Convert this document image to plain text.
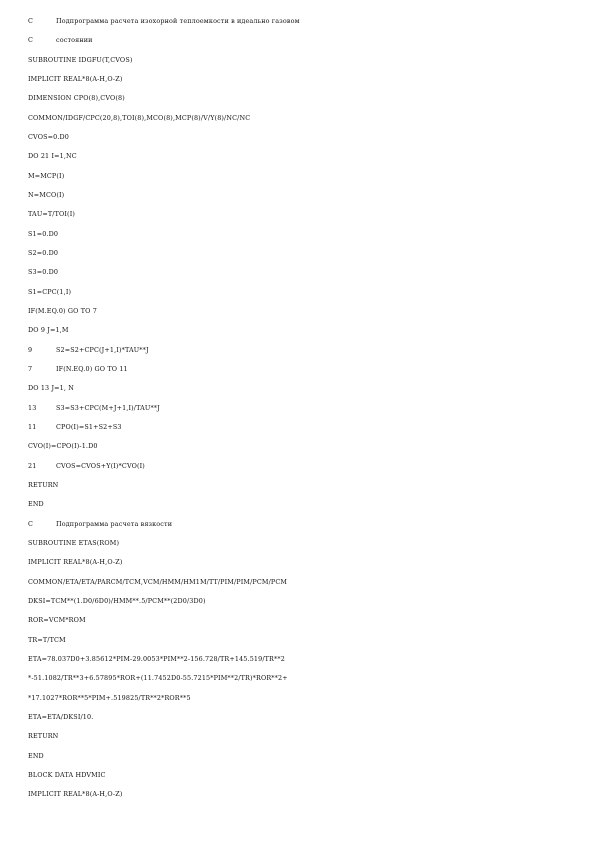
C	Подпрограмма расчета изохорной теплоемкости в идеально газовом
C	состоянии
SUBROUTINE IDGFU(T,CVOS)
IMPLICIT REAL*8(A-H,O-Z)
DIMENSION CPO(8),CVO(8)
COMMON/IDGF/CPC(20,8),TOI(8),MCO(8),MCP(8)/V/Y(8)/NC/NC
CVOS=0.D0
DO 21 I=1,NC
M=MCP(I)
N=MCO(I)
TAU=T/TOI(I)
S1=0.D0
S2=0.D0
S3=0.D0
S1=CPC(1,I)
IF(M.EQ.0) GO TO 7
DO 9 J=1,M
9	S2=S2+CPC(J+1,I)*TAU**J
7	IF(N.EQ.0) GO TO 11
DO 13 J=1, N
13	S3=S3+CPC(M+J+1,I)/TAU**J
11	CPO(I)=S1+S2+S3
CVO(I)=CPO(I)-1.D0
21	CVOS=CVOS+Y(I)*CVO(I)
RETURN
END
C	Подпрограмма расчета вязкости
SUBROUTINE ETAS(ROM)
IMPLICIT REAL*8(A-H,O-Z)
COMMON/ETA/ETA/PARCM/TCM,VCM/HMM/HM1M/TT/PIM/PIM/PCM/PCM
DKSI=TCM**(1.D0/6D0)/HMM**.5/PCM**(2D0/3D0)
ROR=VCM*ROM
TR=T/TCM
ETA=78.037D0+3.85612*PIM-29.0053*PIM**2-156.728/TR+145.519/TR**2
*-51.1082/TR**3+6.57895*ROR+(11.7452D0-55.7215*PIM**2/TR)*ROR**2+
*17.1027*ROR**5*PIM+.519825/TR**2*ROR**5
ETA=ETA/DKSI/10.
RETURN
END
BLOCK DATA HDVMIC
IMPLICIT REAL*8(A-H,O-Z)
